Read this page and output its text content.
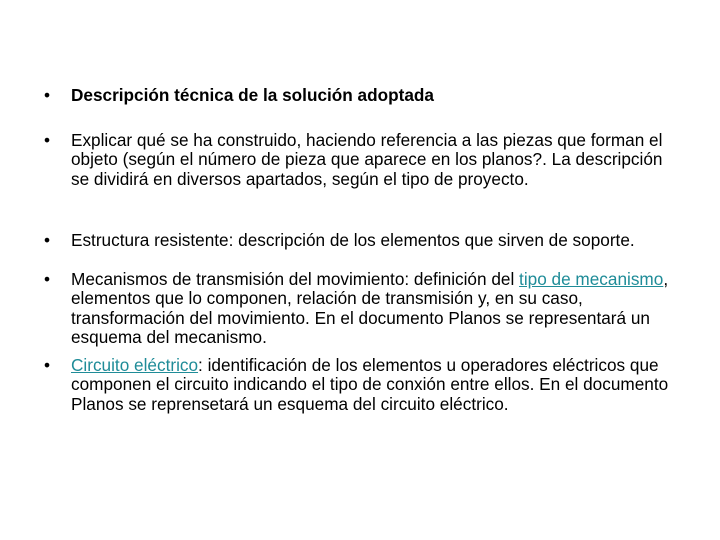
•	Descripción técnica de la solución adoptada
•	Explicar qué se ha construido, haciendo referencia a las piezas que forman el objeto (según el número de pieza que aparece en los planos?. La descripción se dividirá en diversos apartados, según el tipo de proyecto.
•	Estructura resistente: descripción de los elementos que sirven de soporte.
•	Mecanismos de transmisión del movimiento: definición del tipo de mecanismo, elementos que lo componen, relación de transmisión y, en su caso, transformación del movimiento. En el documento Planos se representará un esquema del mecanismo.
•	Circuito eléctrico: identificación de los elementos u operadores eléctricos que componen el circuito indicando el tipo de conxión entre ellos. En el documento Planos se reprensetará un esquema del circuito eléctrico.
